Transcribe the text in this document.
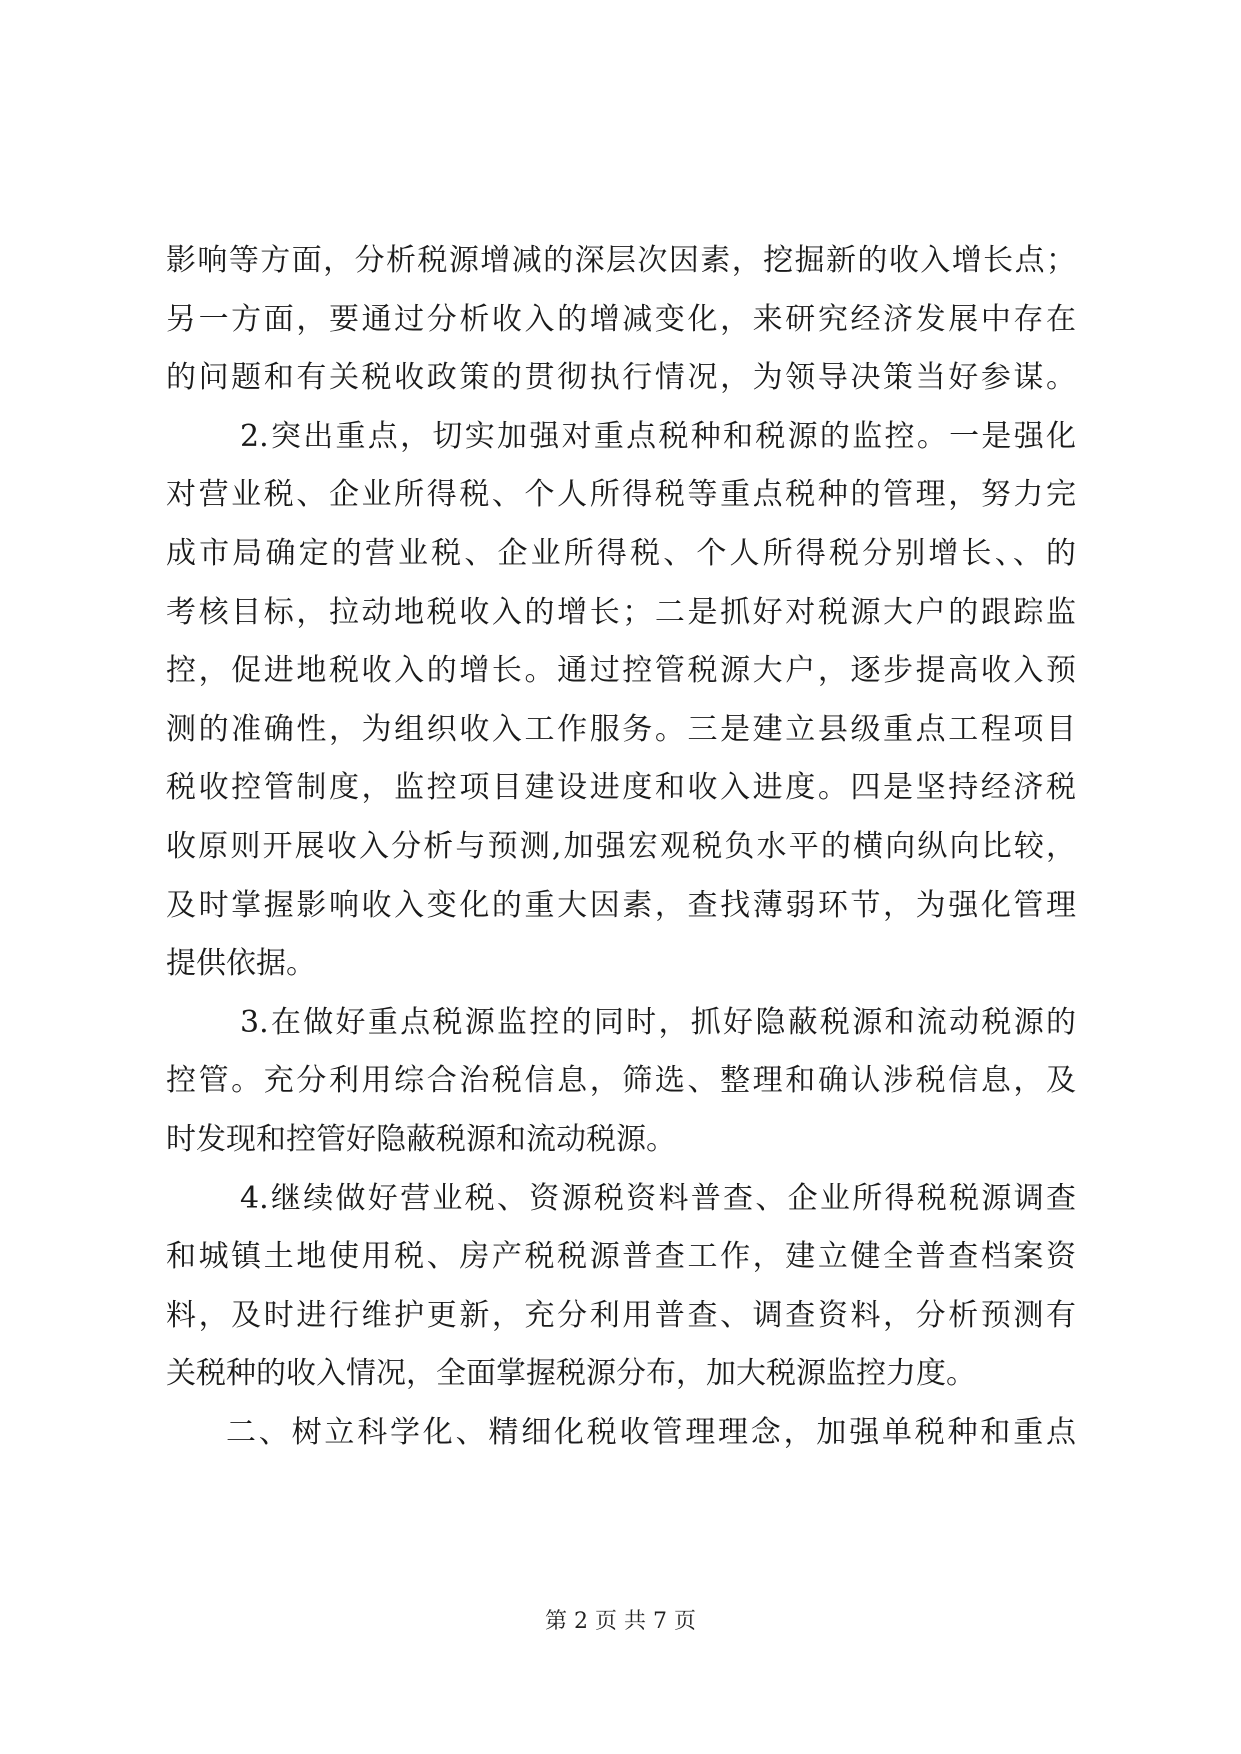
影响等方面，分析税源增减的深层次因素，挖掘新的收入增长点；
另一方面，要通过分析收入的增减变化，来研究经济发展中存在
的问题和有关税收政策的贯彻执行情况，为领导决策当好参谋。
2.突出重点，切实加强对重点税种和税源的监控。一是强化
对营业税、企业所得税、个人所得税等重点税种的管理，努力完
成市局确定的营业税、企业所得税、个人所得税分别增长、、的
考核目标，拉动地税收入的增长；二是抓好对税源大户的跟踪监
控，促进地税收入的增长。通过控管税源大户，逐步提高收入预
测的准确性，为组织收入工作服务。三是建立县级重点工程项目
税收控管制度，监控项目建设进度和收入进度。四是坚持经济税
收原则开展收入分析与预测,加强宏观税负水平的横向纵向比较，
及时掌握影响收入变化的重大因素，查找薄弱环节，为强化管理
提供依据。
3.在做好重点税源监控的同时，抓好隐蔽税源和流动税源的
控管。充分利用综合治税信息，筛选、整理和确认涉税信息，及
时发现和控管好隐蔽税源和流动税源。
4.继续做好营业税、资源税资料普查、企业所得税税源调查
和城镇土地使用税、房产税税源普查工作，建立健全普查档案资
料，及时进行维护更新，充分利用普查、调查资料，分析预测有
关税种的收入情况，全面掌握税源分布，加大税源监控力度。
二、树立科学化、精细化税收管理理念，加强单税种和重点
第 2 页 共 7 页
